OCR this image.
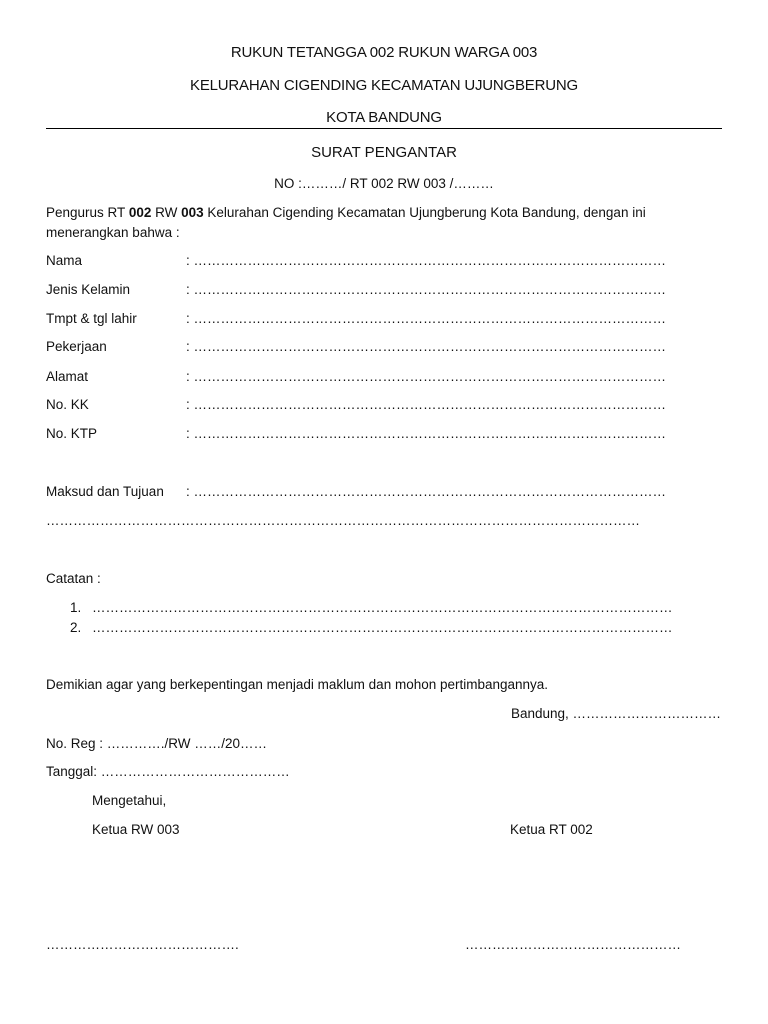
RUKUN TETANGGA 002 RUKUN WARGA 003
KELURAHAN CIGENDING KECAMATAN UJUNGBERUNG
KOTA BANDUNG
SURAT PENGANTAR
NO :………/ RT 002 RW 003 /………
Pengurus RT 002 RW 003 Kelurahan Cigending Kecamatan Ujungberung Kota Bandung, dengan ini menerangkan bahwa :
Nama	: ……………………………………………………………………………………………
Jenis Kelamin	: ……………………………………………………………………………………………
Tmpt & tgl lahir	: ……………………………………………………………………………………………
Pekerjaan	: ……………………………………………………………………………………………
Alamat	: ……………………………………………………………………………………………
No. KK	: ……………………………………………………………………………………………
No. KTP	: ……………………………………………………………………………………………
Maksud dan Tujuan : ……………………………………………………………………………………………
……………………………………………………………………………………………………………………
Catatan :
1. …………………………………………………………………………………………………………………
2. …………………………………………………………………………………………………………………
Demikian agar yang berkepentingan menjadi maklum dan mohon pertimbangannya.
Bandung, ……………………………
No. Reg : …………./RW ……/20……
Tanggal: ……………………………………
Mengetahui,
Ketua RW 003	Ketua RT 002
…………………………………….	…………………………………………
